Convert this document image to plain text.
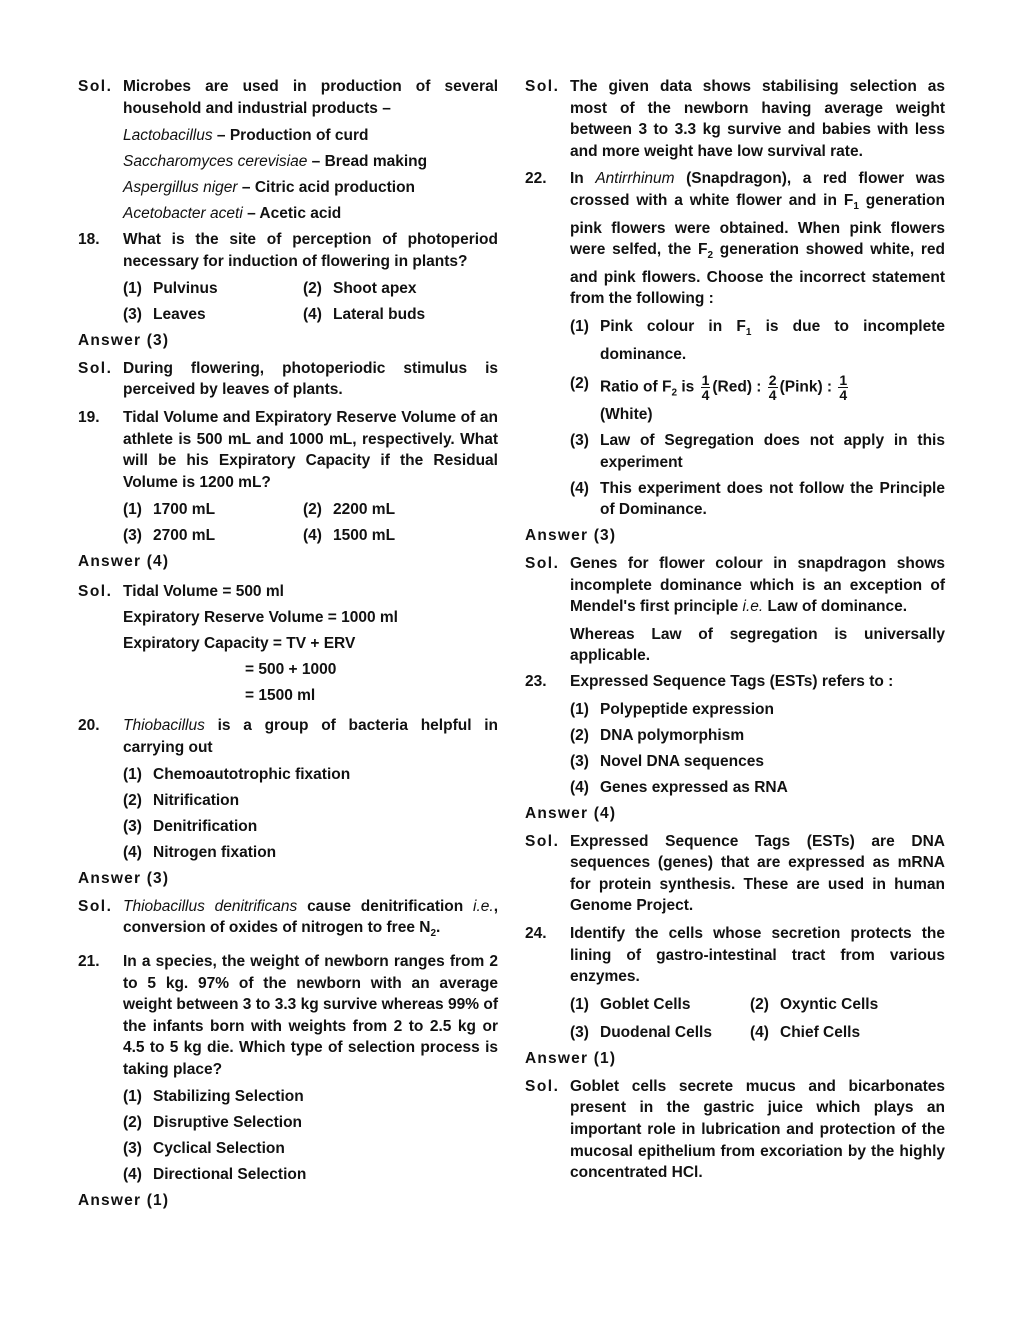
Sol. Microbes are used in production of several household and industrial products –
Lactobacillus – Production of curd
Saccharomyces cerevisiae – Bread making
Aspergillus niger – Citric acid production
Acetobacter aceti – Acetic acid
18.	What is the site of perception of photoperiod necessary for induction of flowering in plants?
(1) Pulvinus	(2) Shoot apex
(3) Leaves	(4) Lateral buds
Answer (3)
Sol. During flowering, photoperiodic stimulus is perceived by leaves of plants.
19.	Tidal Volume and Expiratory Reserve Volume of an athlete is 500 mL and 1000 mL, respectively. What will be his Expiratory Capacity if the Residual Volume is 1200 mL?
(1) 1700 mL	(2) 2200 mL
(3) 2700 mL	(4) 1500 mL
Answer (4)
Sol. Tidal Volume = 500 ml
Expiratory Reserve Volume = 1000 ml
Expiratory Capacity = TV + ERV
= 500 + 1000
= 1500 ml
20.	Thiobacillus is a group of bacteria helpful in carrying out
(1) Chemoautotrophic fixation
(2) Nitrification
(3) Denitrification
(4) Nitrogen fixation
Answer (3)
Sol. Thiobacillus denitrificans cause denitrification i.e., conversion of oxides of nitrogen to free $N_2$.
21.	In a species, the weight of newborn ranges from 2 to 5 kg. 97% of the newborn with an average weight between 3 to 3.3 kg survive whereas 99% of the infants born with weights from 2 to 2.5 kg or 4.5 to 5 kg die. Which type of selection process is taking place?
(1) Stabilizing Selection
(2) Disruptive Selection
(3) Cyclical Selection
(4) Directional Selection
Answer (1)
Sol. The given data shows stabilising selection as most of the newborn having average weight between 3 to 3.3 kg survive and babies with less and more weight have low survival rate.
22.	In Antirrhinum (Snapdragon), a red flower was crossed with a white flower and in $F_1$ generation pink flowers were obtained. When pink flowers were selfed, the $F_2$ generation showed white, red and pink flowers. Choose the incorrect statement from the following :
(1) Pink colour in $F_1$ is due to incomplete dominance.
(2) Ratio of $F_2$ is $\frac{1}{4} (Red)$ : $\frac{2}{4}$ (Pink) : $\frac{1}{4}$

(White)
(3) Law of Segregation does not apply in this experiment
(4) This experiment does not follow the Principle of Dominance.
Answer (3)
Sol. Genes for flower colour in snapdragon shows incomplete dominance which is an exception of Mendel's first principle i.e. Law of dominance.
Whereas Law of segregation is universally applicable.
23.	Expressed Sequence Tags (ESTs) refers to :
(1) Polypeptide expression
(2) DNA polymorphism
(3) Novel DNA sequences
(4) Genes expressed as RNA
Answer (4)
Sol. Expressed Sequence Tags (ESTs) are DNA sequences (genes) that are expressed as mRNA for protein synthesis. These are used in human Genome Project.
24.	Identify the cells whose secretion protects the lining of gastro-intestinal tract from various enzymes.
(1) Goblet Cells	(2) Oxyntic Cells
(3) Duodenal Cells (4) Chief Cells
Answer (1)
Sol. Goblet cells secrete mucus and bicarbonates present in the gastric juice which plays an important role in lubrication and protection of the mucosal epithelium from excoriation by the highly concentrated HCl.
